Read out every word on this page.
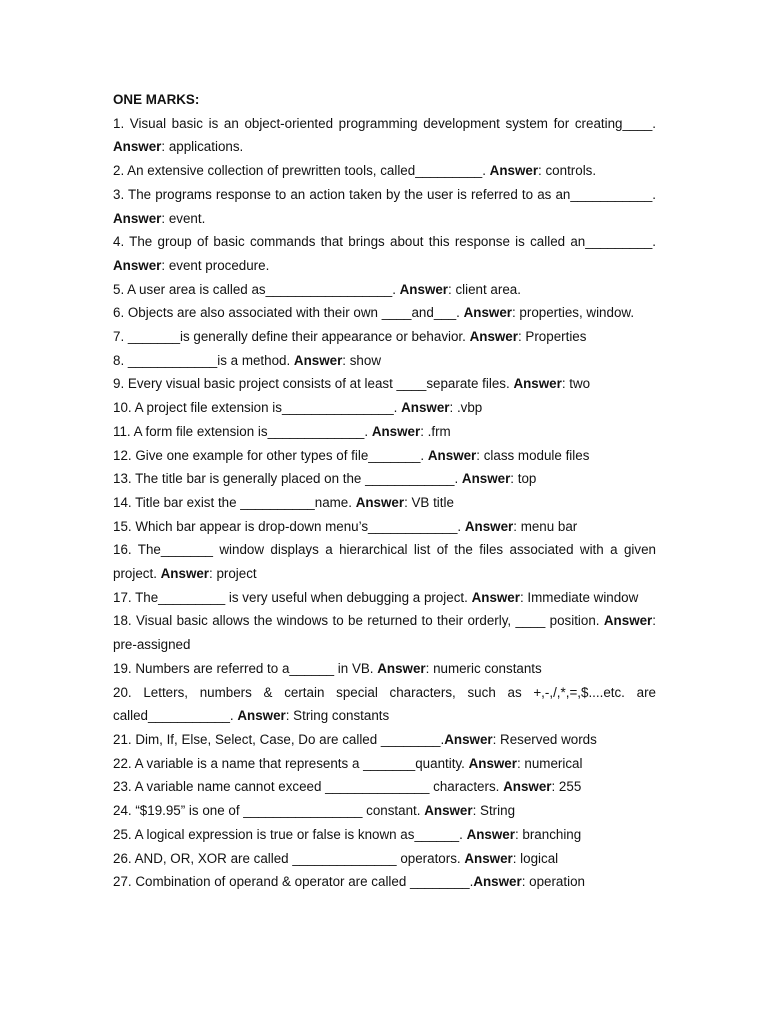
ONE MARKS:

1. Visual basic is an object-oriented programming development system for creating____. Answer: applications.

2. An extensive collection of prewritten tools, called_________. Answer: controls.

3. The programs response to an action taken by the user is referred to as an___________. Answer: event.

4. The group of basic commands that brings about this response is called an_________. Answer: event procedure.

5. A user area is called as_________________. Answer: client area.

6. Objects are also associated with their own ____and___. Answer: properties, window.

7. _______is generally define their appearance or behavior. Answer: Properties

8. ____________is a method. Answer: show

9. Every visual basic project consists of at least ____separate files. Answer: two

10. A project file extension is_______________. Answer: .vbp

11. A form file extension is_____________. Answer: .frm

12. Give one example for other types of file_______. Answer: class module files

13. The title bar is generally placed on the ____________. Answer: top

14. Title bar exist the __________name. Answer: VB title

15. Which bar appear is drop-down menu’s____________. Answer: menu bar

16. The_______ window displays a hierarchical list of the files associated with a given project. Answer: project

17. The_________ is very useful when debugging a project. Answer: Immediate window

18. Visual basic allows the windows to be returned to their orderly, ____ position. Answer: pre-assigned

19. Numbers are referred to a______ in VB. Answer: numeric constants

20. Letters, numbers & certain special characters, such as +,-,/,*,=,$....etc. are called___________. Answer: String constants

21. Dim, If, Else, Select, Case, Do are called ________.Answer: Reserved words

22. A variable is a name that represents a _______quantity. Answer: numerical

23. A variable name cannot exceed ______________ characters. Answer: 255

24. “$19.95” is one of ________________ constant. Answer: String

25. A logical expression is true or false is known as______. Answer: branching

26. AND, OR, XOR are called ______________ operators. Answer: logical

27. Combination of operand & operator are called ________.Answer: operation
